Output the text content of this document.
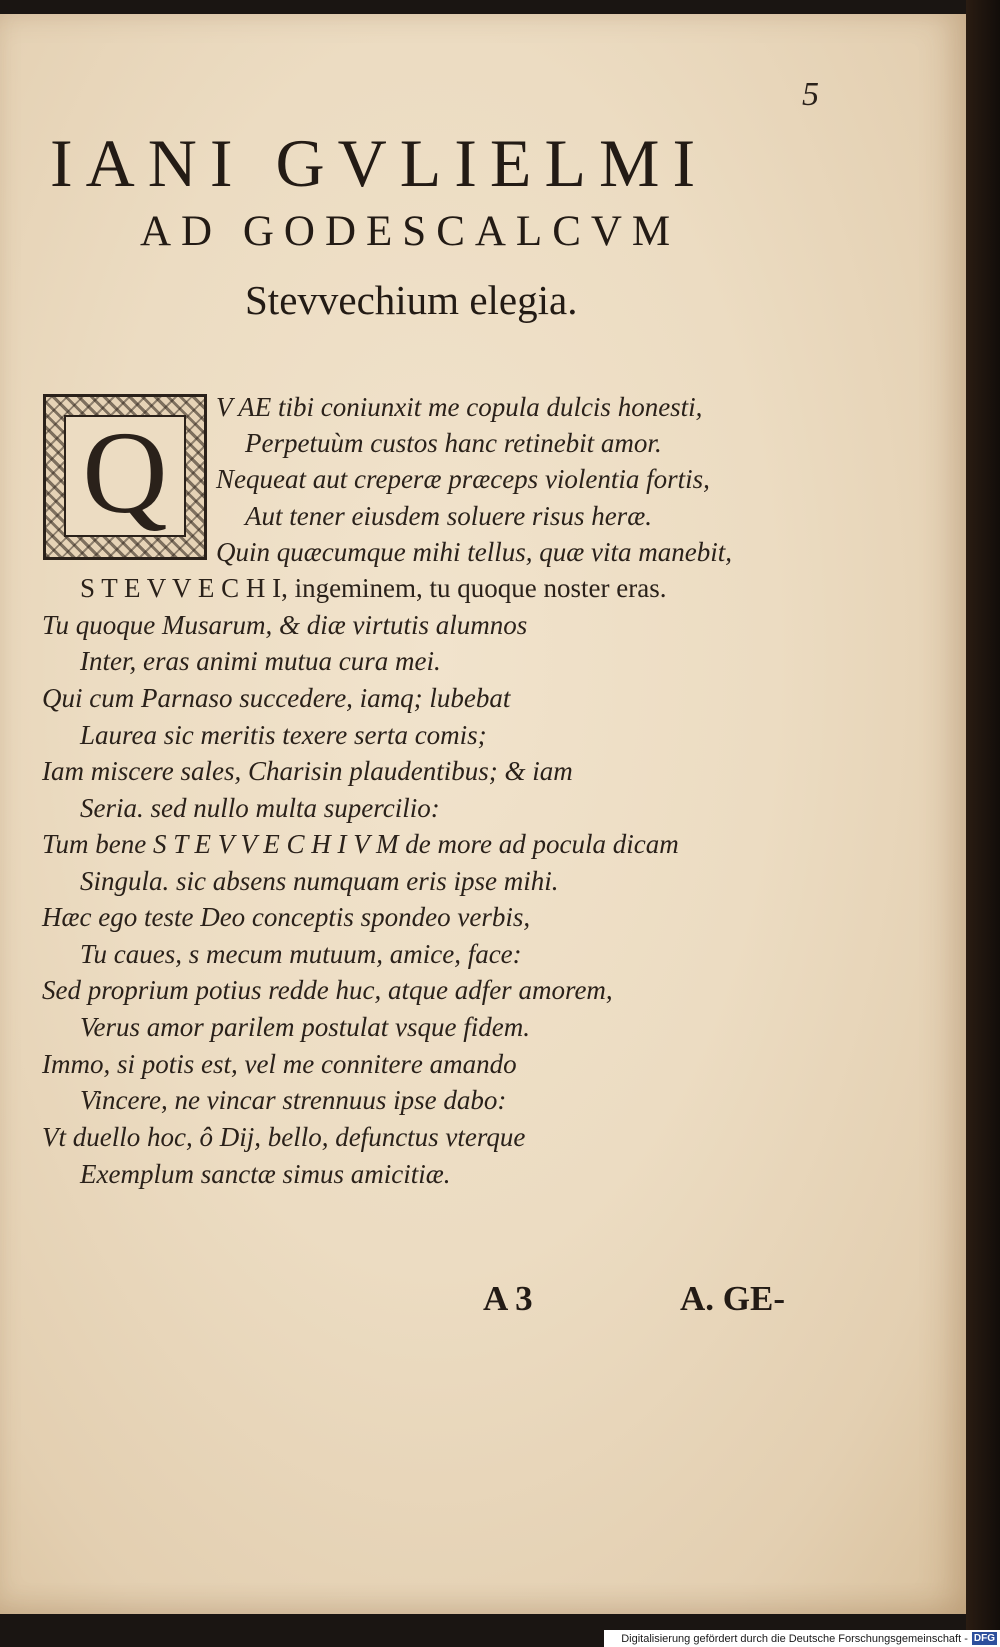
5
IANI GVLIELMI
AD GODESCALCVM
Stevvechium elegia.
Q V AE tibi coniunxit me copula dulcis honesti,
Perpetuùm custos hanc retinebit amor.
Nequeat aut creperæ præceps violentia fortis,
Aut tener eiusdem soluere risus heræ.
Quin quæcumque mihi tellus, quæ vita manebit,
S T E V V E C H I, ingeminem, tu quoque noster eras.
Tu quoque Musarum, & diæ virtutis alumnos
Inter, eras animi mutua cura mei.
Qui cum Parnaso succedere, iamq; lubebat
Laurea sic meritis texere serta comis;
Iam miscere sales, Charisin plaudentibus; & iam
Seria. sed nullo multa supercilio:
Tum bene S T E V V E C H I V M de more ad pocula dicam
Singula. sic absens numquam eris ipse mihi.
Hæc ego teste Deo conceptis spondeo verbis,
Tu caues, s mecum mutuum, amice, face:
Sed proprium potius redde huc, atque adfer amorem,
Verus amor parilem postulat vsque fidem.
Immo, si potis est, vel me conniterе amando
Vincere, ne vincar strennuus ipse dabo:
Vt duello hoc, ô Dij, bello, defunctus vterque
Exemplum sanctæ simus amicitiæ.
A 3	A. GE-
Digitalisierung gefördert durch die Deutsche Forschungsgemeinschaft - DFG
